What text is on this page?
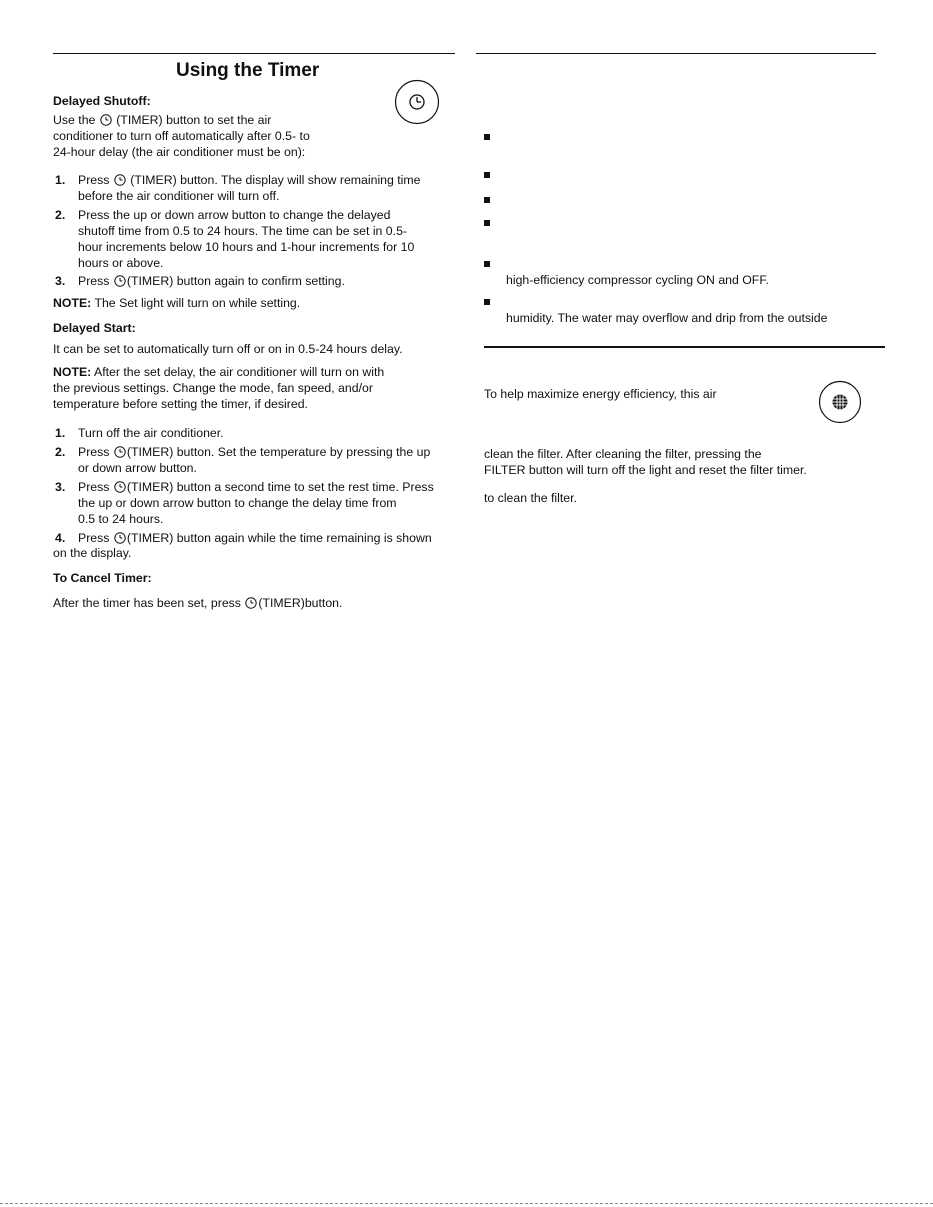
Using the Timer
Delayed Shutoff:
Use the  (TIMER) button to set the air
conditioner to turn off automatically after 0.5- to
24-hour delay (the air conditioner must be on):
1. Press  (TIMER) button. The display will show remaining time
before the air conditioner will turn off.
2. Press the up or down arrow button to change the delayed
shutoff time from 0.5 to 24 hours. The time can be set in 0.5-
hour increments below 10 hours and 1-hour increments for 10
hours or above.
3. Press (TIMER) button again to confirm setting.
NOTE: The Set light will turn on while setting.
Delayed Start:
It can be set to automatically turn off or on in 0.5-24 hours delay.
NOTE: After the set delay, the air conditioner will turn on with
the previous settings. Change the mode, fan speed, and/or
temperature before setting the timer, if desired.
1. Turn off the air conditioner.
2. Press (TIMER) button. Set the temperature by pressing the up
or down arrow button.
3. Press (TIMER) button a second time to set the rest time. Press
the up or down arrow button to change the delay time from
0.5 to 24 hours.
4. Press (TIMER) button again while the time remaining is shown
on the display.
To Cancel Timer:
After the timer has been set, press (TIMER)button.
high-efficiency compressor cycling ON and OFF.
humidity. The water may overflow and drip from the outside
To help maximize energy efficiency, this air
clean the filter. After cleaning the filter, pressing the
FILTER button will turn off the light and reset the filter timer.
to clean the filter.
